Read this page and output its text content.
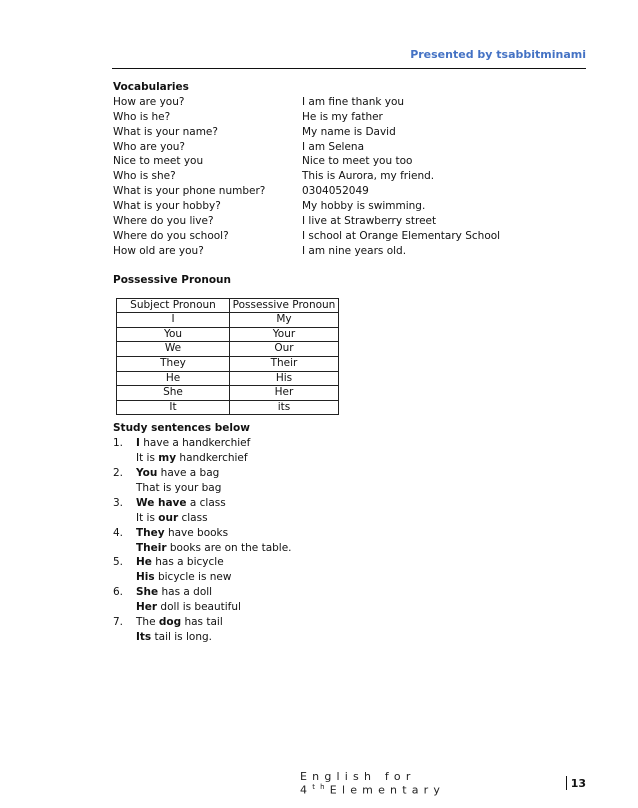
Presented by tsabbitminami
Vocabularies
How are you?	I am fine thank you
Who is he?	He is my father
What is your name?	My name is David
Who are you?	I am Selena
Nice to meet you	Nice to meet you too
Who is she?	This is Aurora, my friend.
What is your phone number?	0304052049
What is your hobby?	My hobby is swimming.
Where do you live?	I live at Strawberry street
Where do you school?	I school at Orange Elementary School
How old are you?	I am nine years old.
Possessive Pronoun
Subject Pronoun	Possessive Pronoun
I	My
You	Your
We	Our
They	Their
He	His
She	Her
It	its
Study sentences below
1.	I have a handkerchief
It is my handkerchief
2.	You have a bag
That is your bag
3.	We have a class
It is our class
4.	They have books
Their books are on the table.
5.	He has a bicycle
His bicycle is new
6.	She has a doll
Her doll is beautiful
7.	The dog has tail
Its tail is long.
English for 4thElementary
13
